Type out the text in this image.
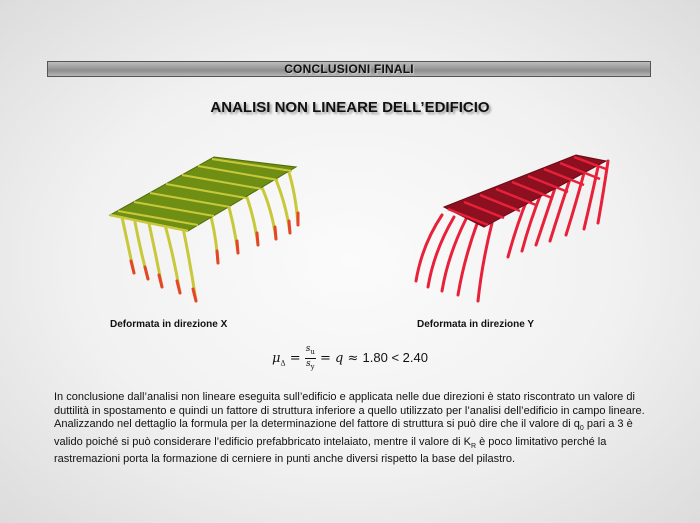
CONCLUSIONI FINALI
ANALISI NON LINEARE DELL’EDIFICIO
Deformata in direzione X	Deformata in direzione Y
$\mu_\Delta = \frac{s_u}{s_y} = q \approx 1.80 < 2.40$
In conclusione dall’analisi non lineare eseguita sull’edificio e applicata nelle due direzioni è stato riscontrato un valore di duttilità in spostamento e quindi un fattore di struttura inferiore a quello utilizzato per l’analisi dell’edificio in campo lineare. Analizzando nel dettaglio la formula per la determinazione del fattore di struttura si può dire che il valore di $q_0$ pari a 3 è valido poiché si può considerare l’edificio prefabbricato intelaiato, mentre il valore di $K_R$ è poco limitativo perché la rastremazioni porta la formazione di cerniere in punti anche diversi rispetto la base del pilastro.
